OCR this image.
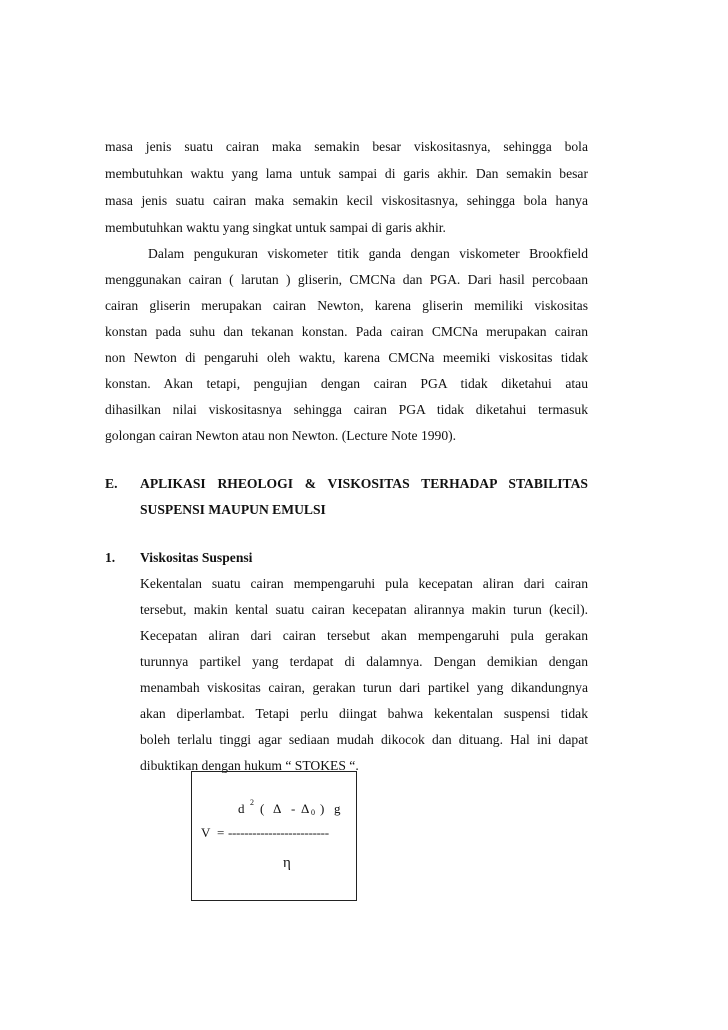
masa jenis suatu cairan maka semakin besar viskositasnya, sehingga bola
membutuhkan waktu yang lama untuk sampai di garis akhir. Dan semakin besar
masa jenis suatu cairan maka semakin kecil viskositasnya, sehingga bola hanya
membutuhkan waktu yang singkat untuk sampai di garis akhir.
Dalam pengukuran viskometer titik ganda dengan viskometer Brookfield
menggunakan cairan ( larutan ) gliserin, CMCNa dan PGA. Dari hasil percobaan
cairan gliserin merupakan cairan Newton, karena gliserin memiliki viskositas
konstan pada suhu dan tekanan konstan. Pada cairan CMCNa merupakan cairan
non Newton di pengaruhi oleh waktu, karena CMCNa meemiki viskositas tidak
konstan. Akan tetapi, pengujian dengan cairan PGA tidak diketahui atau
dihasilkan nilai viskositasnya sehingga cairan PGA tidak diketahui termasuk
golongan cairan Newton atau non Newton. (Lecture Note 1990).
E. APLIKASI RHEOLOGI & VISKOSITAS TERHADAP STABILITAS
SUSPENSI MAUPUN EMULSI
1. Viskositas Suspensi
Kekentalan suatu cairan mempengaruhi pula kecepatan aliran dari cairan
tersebut, makin kental suatu cairan kecepatan alirannya makin turun (kecil).
Kecepatan aliran dari cairan tersebut akan mempengaruhi pula gerakan
turunnya partikel yang terdapat di dalamnya. Dengan demikian dengan
menambah viskositas cairan, gerakan turun dari partikel yang dikandungnya
akan diperlambat. Tetapi perlu diingat bahwa kekentalan suspensi tidak
boleh terlalu tinggi agar sediaan mudah dikocok dan dituang. Hal ini dapat
dibuktikan dengan hukum “ STOKES “.
d 2 ( Δ - Δ 0 ) g
V = -------------------------
η
